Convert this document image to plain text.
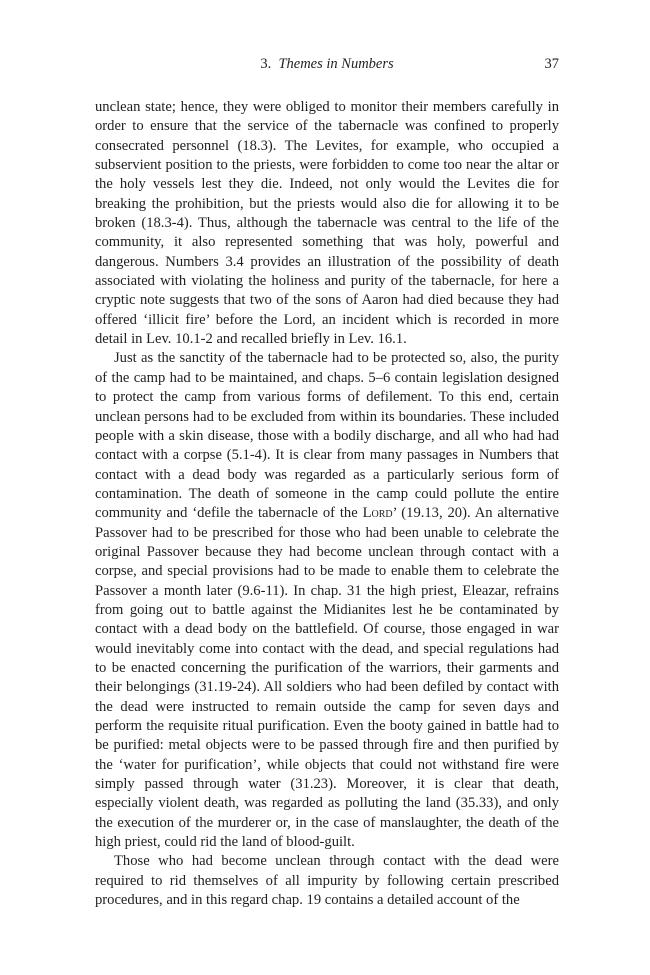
3. Themes in Numbers	37

unclean state; hence, they were obliged to monitor their members carefully in order to ensure that the service of the tabernacle was confined to properly consecrated personnel (18.3). The Levites, for example, who occupied a subservient position to the priests, were forbidden to come too near the altar or the holy vessels lest they die. Indeed, not only would the Levites die for breaking the prohibition, but the priests would also die for allowing it to be broken (18.3-4). Thus, although the tabernacle was central to the life of the community, it also represented something that was holy, powerful and dangerous. Numbers 3.4 provides an illustration of the possibility of death associated with violating the holiness and purity of the tabernacle, for here a cryptic note suggests that two of the sons of Aaron had died because they had offered ‘illicit fire’ before the Lord, an incident which is recorded in more detail in Lev. 10.1-2 and recalled briefly in Lev. 16.1.

Just as the sanctity of the tabernacle had to be protected so, also, the purity of the camp had to be maintained, and chaps. 5–6 contain legislation designed to protect the camp from various forms of defilement. To this end, certain unclean persons had to be excluded from within its boundaries. These included people with a skin disease, those with a bodily discharge, and all who had had contact with a corpse (5.1-4). It is clear from many passages in Numbers that contact with a dead body was regarded as a particularly serious form of contamination. The death of someone in the camp could pollute the entire community and ‘defile the tabernacle of the Lord’ (19.13, 20). An alternative Passover had to be prescribed for those who had been unable to celebrate the original Passover because they had become unclean through contact with a corpse, and special provisions had to be made to enable them to celebrate the Passover a month later (9.6-11). In chap. 31 the high priest, Eleazar, refrains from going out to battle against the Midianites lest he be contaminated by contact with a dead body on the battlefield. Of course, those engaged in war would inevitably come into contact with the dead, and special regulations had to be enacted concerning the purification of the warriors, their garments and their belongings (31.19-24). All soldiers who had been defiled by contact with the dead were instructed to remain outside the camp for seven days and perform the requisite ritual purification. Even the booty gained in battle had to be purified: metal objects were to be passed through fire and then purified by the ‘water for purification’, while objects that could not withstand fire were simply passed through water (31.23). Moreover, it is clear that death, especially violent death, was regarded as polluting the land (35.33), and only the execution of the murderer or, in the case of manslaughter, the death of the high priest, could rid the land of blood-guilt.

Those who had become unclean through contact with the dead were required to rid themselves of all impurity by following certain prescribed procedures, and in this regard chap. 19 contains a detailed account of the
